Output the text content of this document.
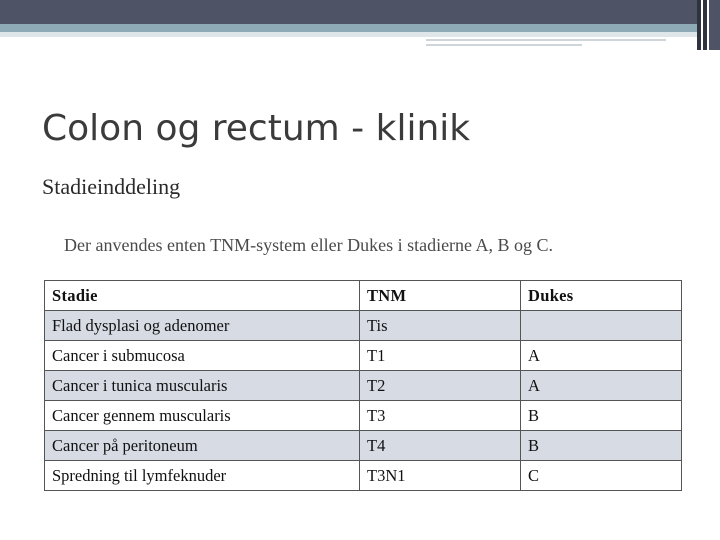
Colon og rectum - klinik
Stadieinddeling
Der anvendes enten TNM-system eller Dukes i stadierne A, B og C.
Stadie	TNM	Dukes
Flad dysplasi og adenomer	Tis	
Cancer i submucosa	T1	A
Cancer i tunica muscularis	T2	A
Cancer gennem muscularis	T3	B
Cancer på peritoneum	T4	B
Spredning til lymfeknuder	T3N1	C
